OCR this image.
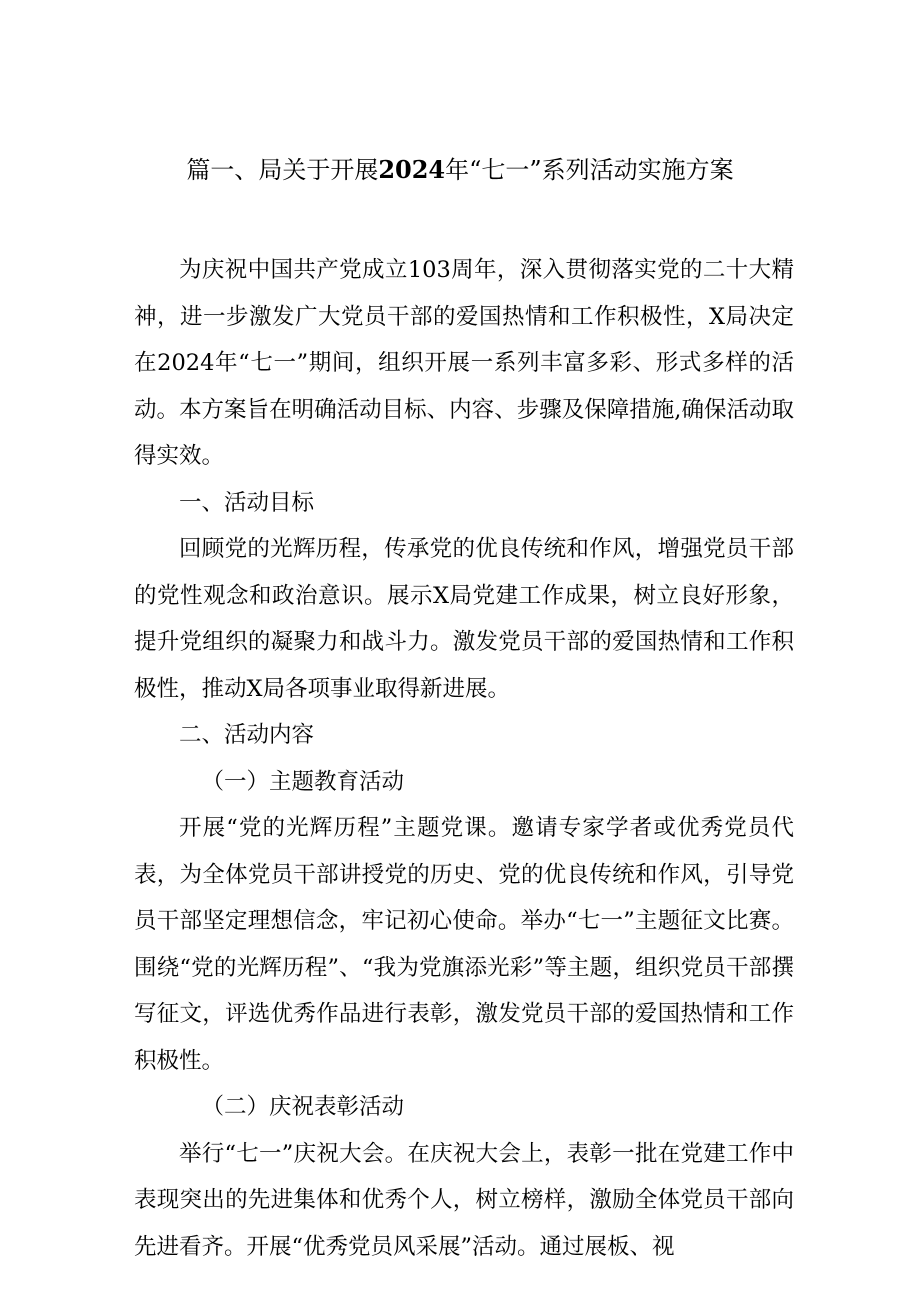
篇一、局关于开展2024年“七一”系列活动实施方案

为庆祝中国共产党成立103周年，深入贯彻落实党的二十大精神，进一步激发广大党员干部的爱国热情和工作积极性，X局决定在2024年“七一”期间，组织开展一系列丰富多彩、形式多样的活动。本方案旨在明确活动目标、内容、步骤及保障措施,确保活动取得实效。

一、活动目标

回顾党的光辉历程，传承党的优良传统和作风，增强党员干部的党性观念和政治意识。展示X局党建工作成果，树立良好形象，提升党组织的凝聚力和战斗力。激发党员干部的爱国热情和工作积极性，推动X局各项事业取得新进展。

二、活动内容

（一）主题教育活动

开展“党的光辉历程”主题党课。邀请专家学者或优秀党员代表，为全体党员干部讲授党的历史、党的优良传统和作风，引导党员干部坚定理想信念，牢记初心使命。举办“七一”主题征文比赛。围绕“党的光辉历程”、“我为党旗添光彩”等主题，组织党员干部撰写征文，评选优秀作品进行表彰，激发党员干部的爱国热情和工作积极性。

（二）庆祝表彰活动

举行“七一”庆祝大会。在庆祝大会上，表彰一批在党建工作中表现突出的先进集体和优秀个人，树立榜样，激励全体党员干部向先进看齐。开展“优秀党员风采展”活动。通过展板、视
